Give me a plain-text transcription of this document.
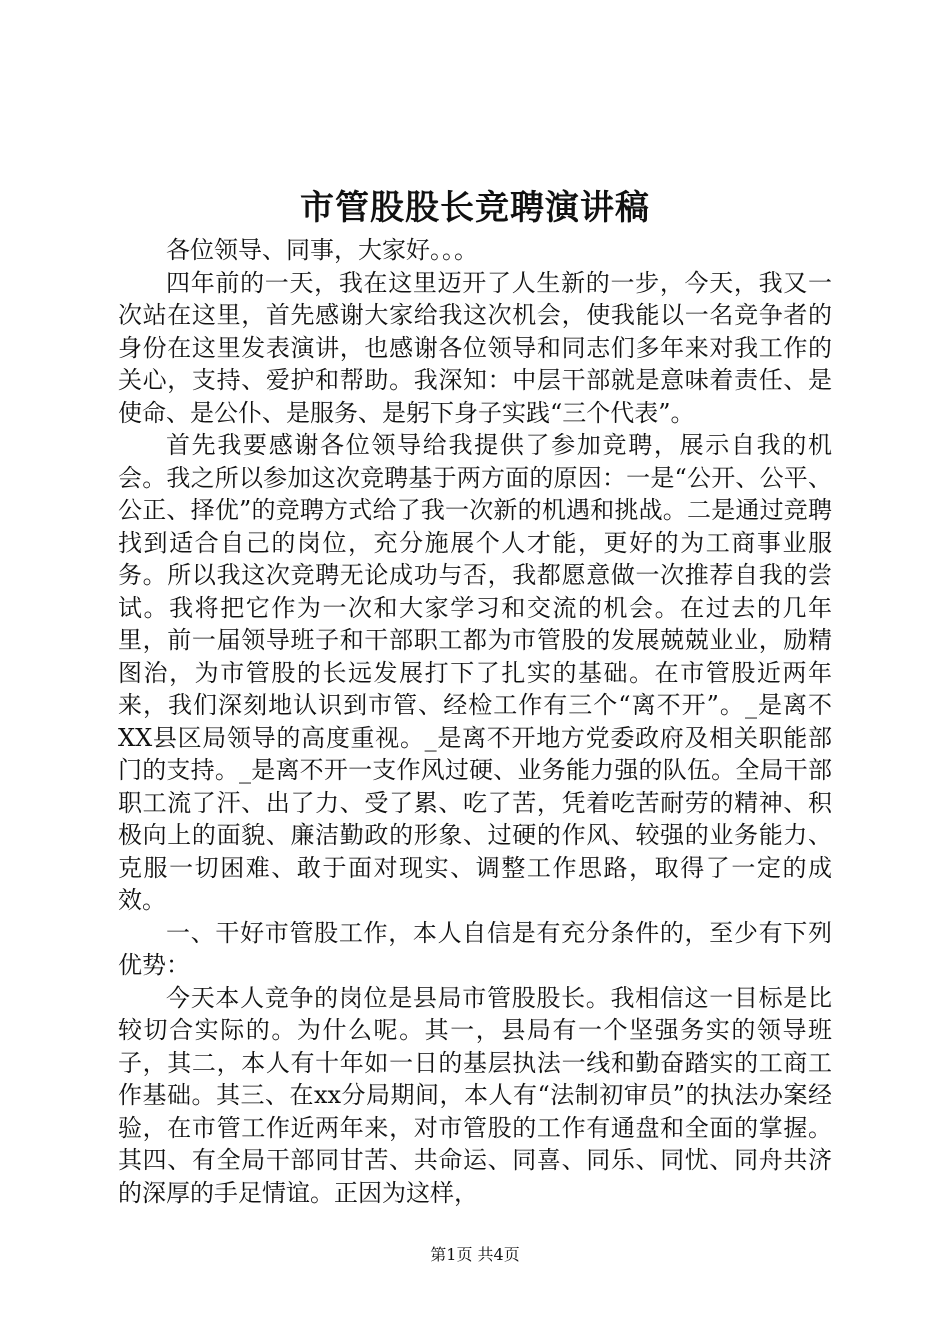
市管股股长竞聘演讲稿

各位领导、同事，大家好。。。

四年前的一天，我在这里迈开了人生新的一步，今天，我又一次站在这里，首先感谢大家给我这次机会，使我能以一名竞争者的身份在这里发表演讲，也感谢各位领导和同志们多年来对我工作的关心，支持、爱护和帮助。我深知：中层干部就是意味着责任、是使命、是公仆、是服务、是躬下身子实践“三个代表”。

首先我要感谢各位领导给我提供了参加竞聘，展示自我的机会。我之所以参加这次竞聘基于两方面的原因：一是“公开、公平、公正、择优”的竞聘方式给了我一次新的机遇和挑战。二是通过竞聘找到适合自己的岗位，充分施展个人才能，更好的为工商事业服务。所以我这次竞聘无论成功与否，我都愿意做一次推荐自我的尝试。我将把它作为一次和大家学习和交流的机会。在过去的几年里，前一届领导班子和干部职工都为市管股的发展兢兢业业，励精图治，为市管股的长远发展打下了扎实的基础。在市管股近两年来，我们深刻地认识到市管、经检工作有三个“离不开”。_是离不XX县区局领导的高度重视。_是离不开地方党委政府及相关职能部门的支持。_是离不开一支作风过硬、业务能力强的队伍。全局干部职工流了汗、出了力、受了累、吃了苦，凭着吃苦耐劳的精神、积极向上的面貌、廉洁勤政的形象、过硬的作风、较强的业务能力、克服一切困难、敢于面对现实、调整工作思路，取得了一定的成效。

一、干好市管股工作，本人自信是有充分条件的，至少有下列优势：

今天本人竞争的岗位是县局市管股股长。我相信这一目标是比较切合实际的。为什么呢。其一，县局有一个坚强务实的领导班子，其二，本人有十年如一日的基层执法一线和勤奋踏实的工商工作基础。其三、在xx分局期间，本人有“法制初审员”的执法办案经验，在市管工作近两年来，对市管股的工作有通盘和全面的掌握。其四、有全局干部同甘苦、共命运、同喜、同乐、同忧、同舟共济的深厚的手足情谊。正因为这样，

第1页 共4页
